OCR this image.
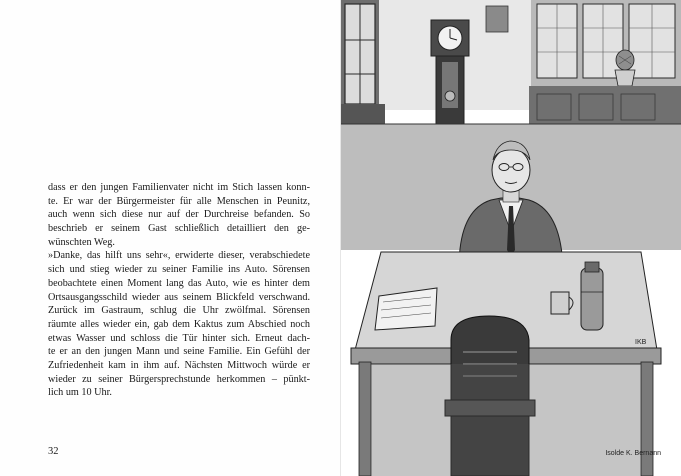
dass er den jungen Familienvater nicht im Stich lassen konn-
te. Er war der Bürgermeister für alle Menschen in Peunitz,
auch wenn sich diese nur auf der Durchreise befanden. So
beschrieb er seinem Gast schließlich detailliert den ge-
wünschten Weg.
»Danke, das hilft uns sehr«, erwiderte dieser, verabschiedete
sich und stieg wieder zu seiner Familie ins Auto. Sörensen
beobachtete einen Moment lang das Auto, wie es hinter dem
Ortsausgangsschild wieder aus seinem Blickfeld verschwand.
Zurück im Gastraum, schlug die Uhr zwölfmal. Sörensen
räumte alles wieder ein, gab dem Kaktus zum Abschied noch
etwas Wasser und schloss die Tür hinter sich. Erneut dach-
te er an den jungen Mann und seine Familie. Ein Gefühl der
Zufriedenheit kam in ihm auf. Nächsten Mittwoch würde er
wieder zu seiner Bürgersprechstunde herkommen – pünkt-
lich um 10 Uhr.
32
IKB
Isolde K. Bernann
